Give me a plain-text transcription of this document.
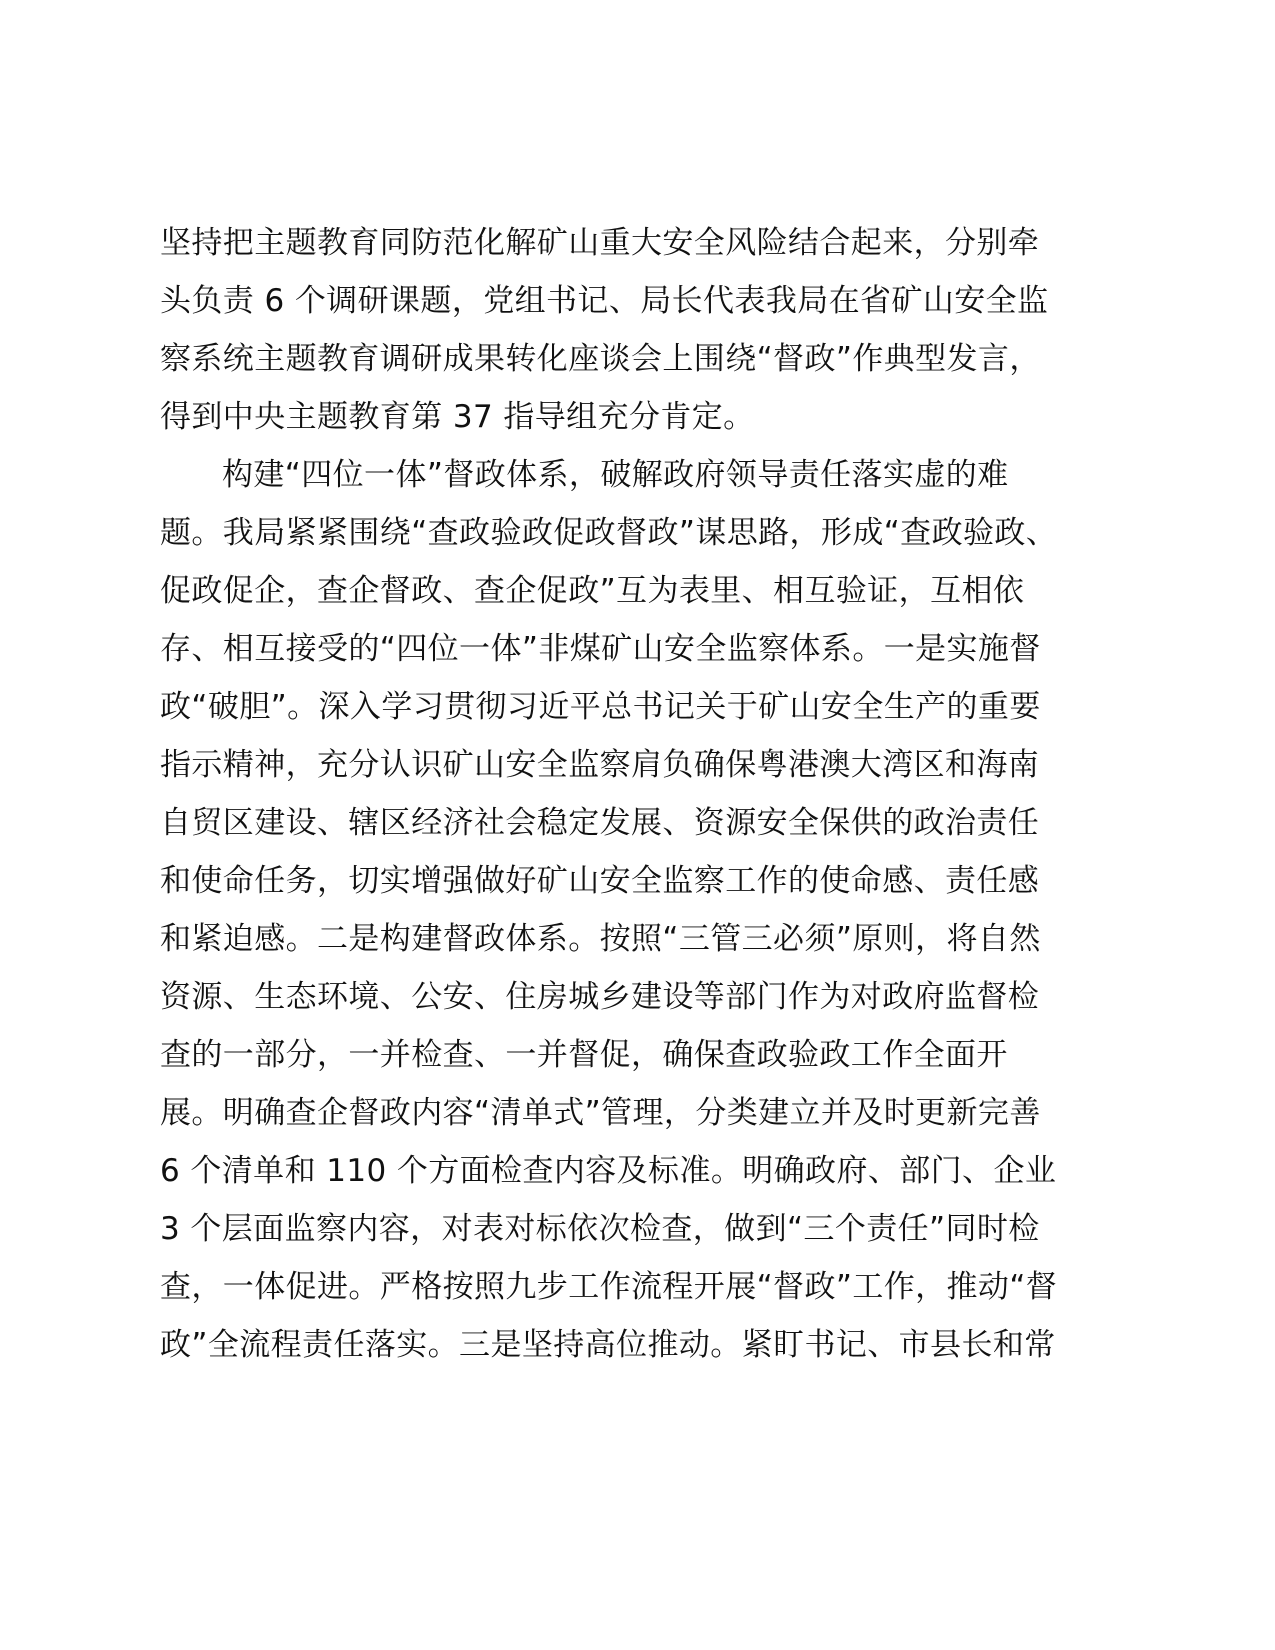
坚持把主题教育同防范化解矿山重大安全风险结合起来，分别牵
头负责 6 个调研课题，党组书记、局长代表我局在省矿山安全监
察系统主题教育调研成果转化座谈会上围绕“督政”作典型发言，
得到中央主题教育第 37 指导组充分肯定。
构建“四位一体”督政体系，破解政府领导责任落实虚的难
题。我局紧紧围绕“查政验政促政督政”谋思路，形成“查政验政、
促政促企，查企督政、查企促政”互为表里、相互验证，互相依
存、相互接受的“四位一体”非煤矿山安全监察体系。一是实施督
政“破胆”。深入学习贯彻习近平总书记关于矿山安全生产的重要
指示精神，充分认识矿山安全监察肩负确保粤港澳大湾区和海南
自贸区建设、辖区经济社会稳定发展、资源安全保供的政治责任
和使命任务，切实增强做好矿山安全监察工作的使命感、责任感
和紧迫感。二是构建督政体系。按照“三管三必须”原则，将自然
资源、生态环境、公安、住房城乡建设等部门作为对政府监督检
查的一部分，一并检查、一并督促，确保查政验政工作全面开
展。明确查企督政内容“清单式”管理，分类建立并及时更新完善
6 个清单和 110 个方面检查内容及标准。明确政府、部门、企业
3 个层面监察内容，对表对标依次检查，做到“三个责任”同时检
查，一体促进。严格按照九步工作流程开展“督政”工作，推动“督
政”全流程责任落实。三是坚持高位推动。紧盯书记、市县长和常
